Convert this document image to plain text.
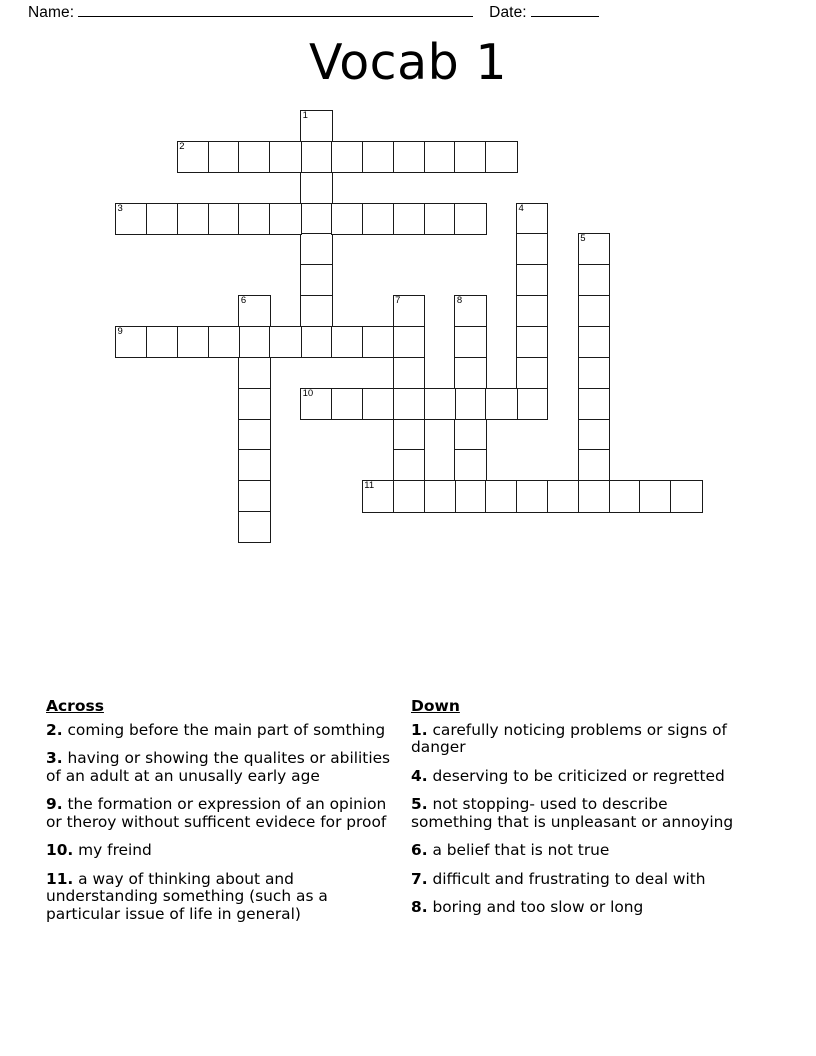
Name:	Date:
Vocab 1
1
2
3	4
5
6	7	8
9
10
11
Across
2. coming before the main part of somthing
3. having or showing the qualites or abilities of an adult at an unusally early age
9. the formation or expression of an opinion or theroy without sufficent evidece for proof
10. my freind
11. a way of thinking about and understanding something (such as a particular issue of life in general)
Down
1. carefully noticing problems or signs of danger
4. deserving to be criticized or regretted
5. not stopping- used to describe something that is unpleasant or annoying
6. a belief that is not true
7. difficult and frustrating to deal with
8. boring and too slow or long
